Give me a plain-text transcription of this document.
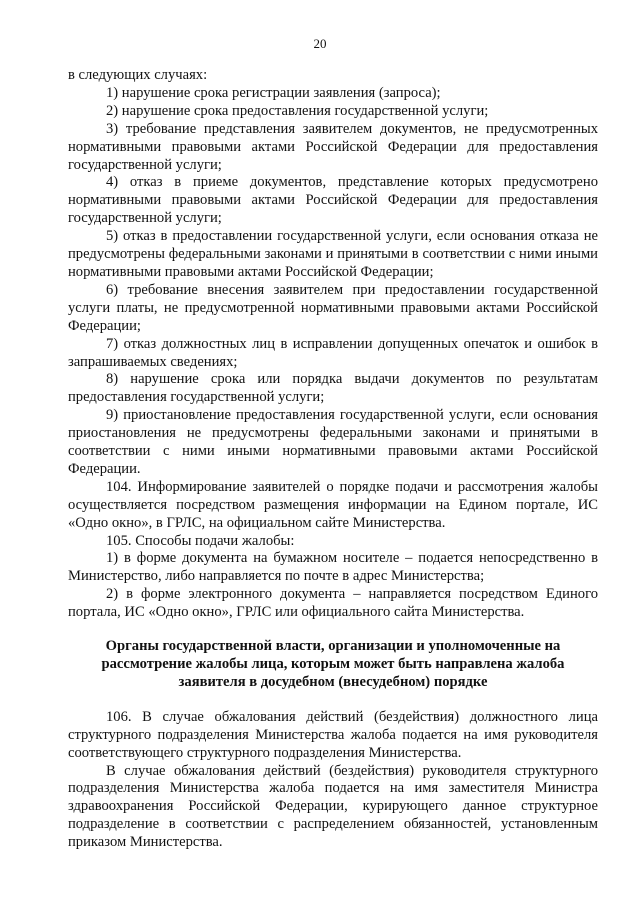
20

в следующих случаях:

1) нарушение срока регистрации заявления (запроса);

2) нарушение срока предоставления государственной услуги;

3) требование представления заявителем документов, не предусмотренных нормативными правовыми актами Российской Федерации для предоставления государственной услуги;

4) отказ в приеме документов, представление которых предусмотрено нормативными правовыми актами Российской Федерации для предоставления государственной услуги;

5) отказ в предоставлении государственной услуги, если основания отказа не предусмотрены федеральными законами и принятыми в соответствии с ними иными нормативными правовыми актами Российской Федерации;

6) требование внесения заявителем при предоставлении государственной услуги платы, не предусмотренной нормативными правовыми актами Российской Федерации;

7) отказ должностных лиц в исправлении допущенных опечаток и ошибок в запрашиваемых сведениях;

8) нарушение срока или порядка выдачи документов по результатам предоставления государственной услуги;

9) приостановление предоставления государственной услуги, если основания приостановления не предусмотрены федеральными законами и принятыми в соответствии с ними иными нормативными правовыми актами Российской Федерации.

104. Информирование заявителей о порядке подачи и рассмотрения жалобы осуществляется посредством размещения информации на Едином портале, ИС «Одно окно», в ГРЛС, на официальном сайте Министерства.

105. Способы подачи жалобы:

1) в форме документа на бумажном носителе – подается непосредственно в Министерство, либо направляется по почте в адрес Министерства;

2) в форме электронного документа – направляется посредством Единого портала, ИС «Одно окно», ГРЛС или официального сайта Министерства.

Органы государственной власти, организации и уполномоченные на рассмотрение жалобы лица, которым может быть направлена жалоба заявителя в досудебном (внесудебном) порядке

106. В случае обжалования действий (бездействия) должностного лица структурного подразделения Министерства жалоба подается на имя руководителя соответствующего структурного подразделения Министерства.

В случае обжалования действий (бездействия) руководителя структурного подразделения Министерства жалоба подается на имя заместителя Министра здравоохранения Российской Федерации, курирующего данное структурное подразделение в соответствии с распределением обязанностей, установленным приказом Министерства.
